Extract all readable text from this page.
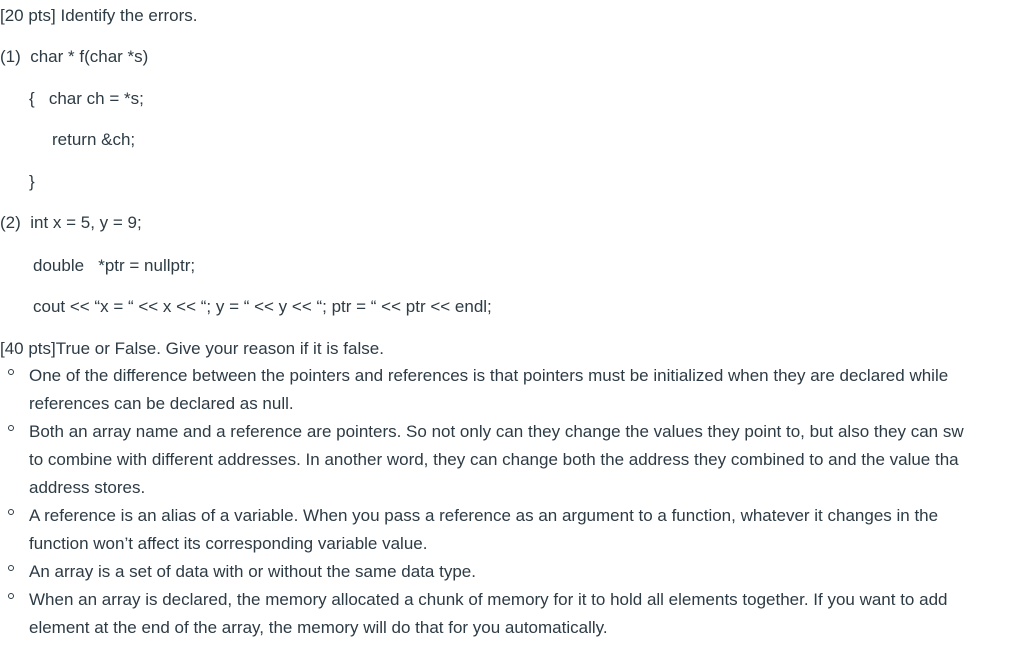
[20 pts] Identify the errors.
(1)  char * f(char *s)
{   char ch = *s;
return &ch;
}
(2)  int x = 5, y = 9;
double   *ptr = nullptr;
cout << “x = “ << x << “; y = “ << y << “; ptr = “ << ptr << endl;
[40 pts]True or False. Give your reason if it is false.
One of the difference between the pointers and references is that pointers must be initialized when they are declared while
references can be declared as null.
Both an array name and a reference are pointers. So not only can they change the values they point to, but also they can sw
to combine with different addresses. In another word, they can change both the address they combined to and the value tha
address stores.
A reference is an alias of a variable. When you pass a reference as an argument to a function, whatever it changes in the
function won’t affect its corresponding variable value.
An array is a set of data with or without the same data type.
When an array is declared, the memory allocated a chunk of memory for it to hold all elements together. If you want to add
element at the end of the array, the memory will do that for you automatically.
